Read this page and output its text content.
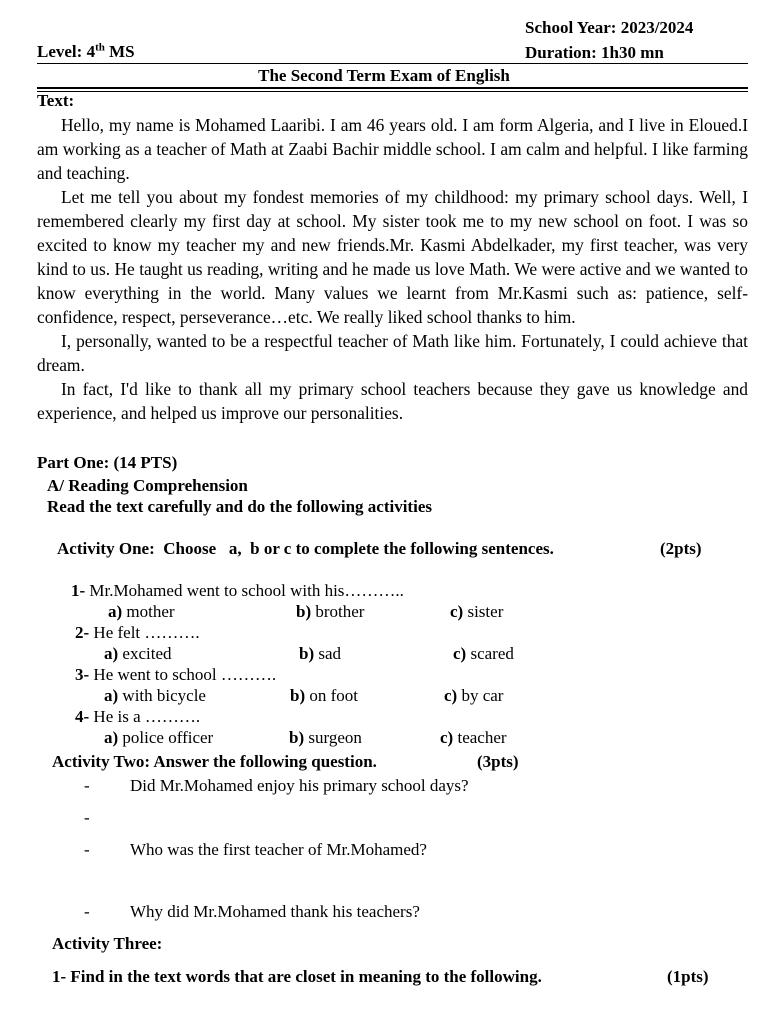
School Year: 2023/2024
Level: 4th MS	Duration: 1h30 mn
The Second Term Exam of English
Text:

Hello, my name is Mohamed Laaribi. I am 46 years old. I am form Algeria, and I live in Eloued.I am working as a teacher of Math at Zaabi Bachir middle school. I am calm and helpful. I like farming and teaching.

Let me tell you about my fondest memories of my childhood: my primary school days. Well, I remembered clearly my first day at school. My sister took me to my new school on foot. I was so excited to know my teacher my and new friends.Mr. Kasmi Abdelkader, my first teacher, was very kind to us. He taught us reading, writing and he made us love Math. We were active and we wanted to know everything in the world. Many values we learnt from Mr.Kasmi such as: patience, self-confidence, respect, perseverance…etc. We really liked school thanks to him.

I, personally, wanted to be a respectful teacher of Math like him. Fortunately, I could achieve that dream.

In fact, I'd like to thank all my primary school teachers because they gave us knowledge and experience, and helped us improve our personalities.

Part One: (14 PTS)
A/ Reading Comprehension
Read the text carefully and do the following activities
Activity One:  Choose   a,  b or c to complete the following sentences.	(2pts)
1- Mr.Mohamed went to school with his………..
a) mother	b) brother	c) sister
2- He felt ……….
a) excited	b) sad	c) scared
3- He went to school ……….
a) with bicycle	b) on foot	c) by car
4- He is a ……….
a) police officer	b) surgeon	c) teacher
Activity Two: Answer the following question.	(3pts)
- Did Mr.Mohamed enjoy his primary school days?
-
- Who was the first teacher of Mr.Mohamed?
- Why did Mr.Mohamed thank his teachers?
Activity Three:
1- Find in the text words that are closet in meaning to the following.	(1pts)
